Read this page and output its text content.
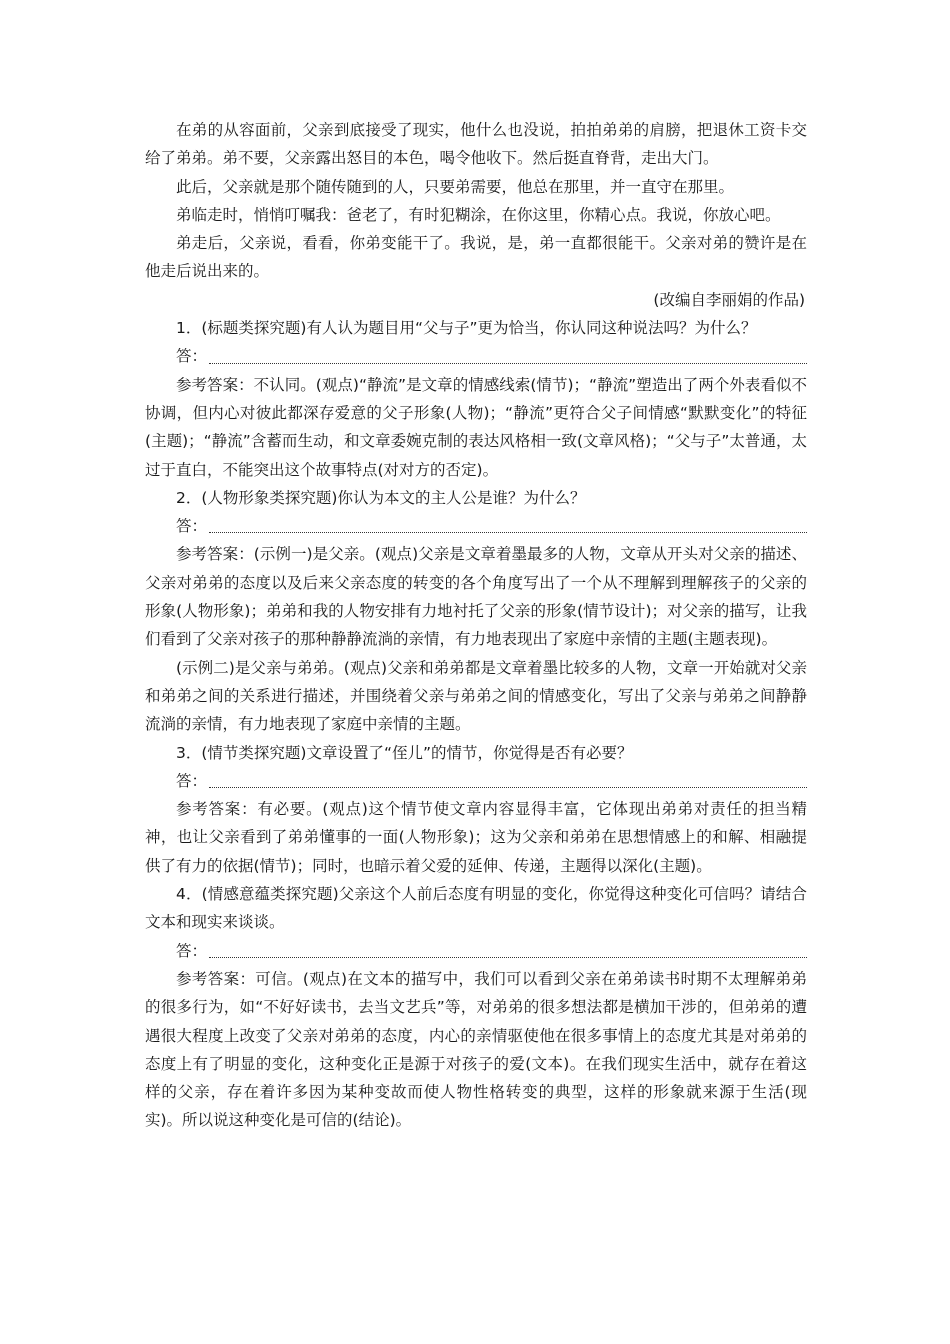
在弟的从容面前，父亲到底接受了现实，他什么也没说，拍拍弟弟的肩膀，把退休工资卡交给了弟弟。弟不要，父亲露出怒目的本色，喝令他收下。然后挺直脊背，走出大门。

此后，父亲就是那个随传随到的人，只要弟需要，他总在那里，并一直守在那里。

弟临走时，悄悄叮嘱我：爸老了，有时犯糊涂，在你这里，你精心点。我说，你放心吧。

弟走后，父亲说，看看，你弟变能干了。我说，是，弟一直都很能干。父亲对弟的赞许是在他走后说出来的。

(改编自李丽娟的作品)

1．(标题类探究题)有人认为题目用“父与子”更为恰当，你认同这种说法吗？为什么？

答：

参考答案：不认同。(观点)“静流”是文章的情感线索(情节)；“静流”塑造出了两个外表看似不协调，但内心对彼此都深存爱意的父子形象(人物)；“静流”更符合父子间情感“默默变化”的特征(主题)；“静流”含蓄而生动，和文章委婉克制的表达风格相一致(文章风格)；“父与子”太普通，太过于直白，不能突出这个故事特点(对对方的否定)。

2．(人物形象类探究题)你认为本文的主人公是谁？为什么？

答：

参考答案：(示例一)是父亲。(观点)父亲是文章着墨最多的人物，文章从开头对父亲的描述、父亲对弟弟的态度以及后来父亲态度的转变的各个角度写出了一个从不理解到理解孩子的父亲的形象(人物形象)；弟弟和我的人物安排有力地衬托了父亲的形象(情节设计)；对父亲的描写，让我们看到了父亲对孩子的那种静静流淌的亲情，有力地表现出了家庭中亲情的主题(主题表现)。

(示例二)是父亲与弟弟。(观点)父亲和弟弟都是文章着墨比较多的人物，文章一开始就对父亲和弟弟之间的关系进行描述，并围绕着父亲与弟弟之间的情感变化，写出了父亲与弟弟之间静静流淌的亲情，有力地表现了家庭中亲情的主题。

3．(情节类探究题)文章设置了“侄儿”的情节，你觉得是否有必要？

答：

参考答案：有必要。(观点)这个情节使文章内容显得丰富，它体现出弟弟对责任的担当精神，也让父亲看到了弟弟懂事的一面(人物形象)；这为父亲和弟弟在思想情感上的和解、相融提供了有力的依据(情节)；同时，也暗示着父爱的延伸、传递，主题得以深化(主题)。

4．(情感意蕴类探究题)父亲这个人前后态度有明显的变化，你觉得这种变化可信吗？请结合文本和现实来谈谈。

答：

参考答案：可信。(观点)在文本的描写中，我们可以看到父亲在弟弟读书时期不太理解弟弟的很多行为，如“不好好读书，去当文艺兵”等，对弟弟的很多想法都是横加干涉的，但弟弟的遭遇很大程度上改变了父亲对弟弟的态度，内心的亲情驱使他在很多事情上的态度尤其是对弟弟的态度上有了明显的变化，这种变化正是源于对孩子的爱(文本)。在我们现实生活中，就存在着这样的父亲，存在着许多因为某种变故而使人物性格转变的典型，这样的形象就来源于生活(现实)。所以说这种变化是可信的(结论)。
